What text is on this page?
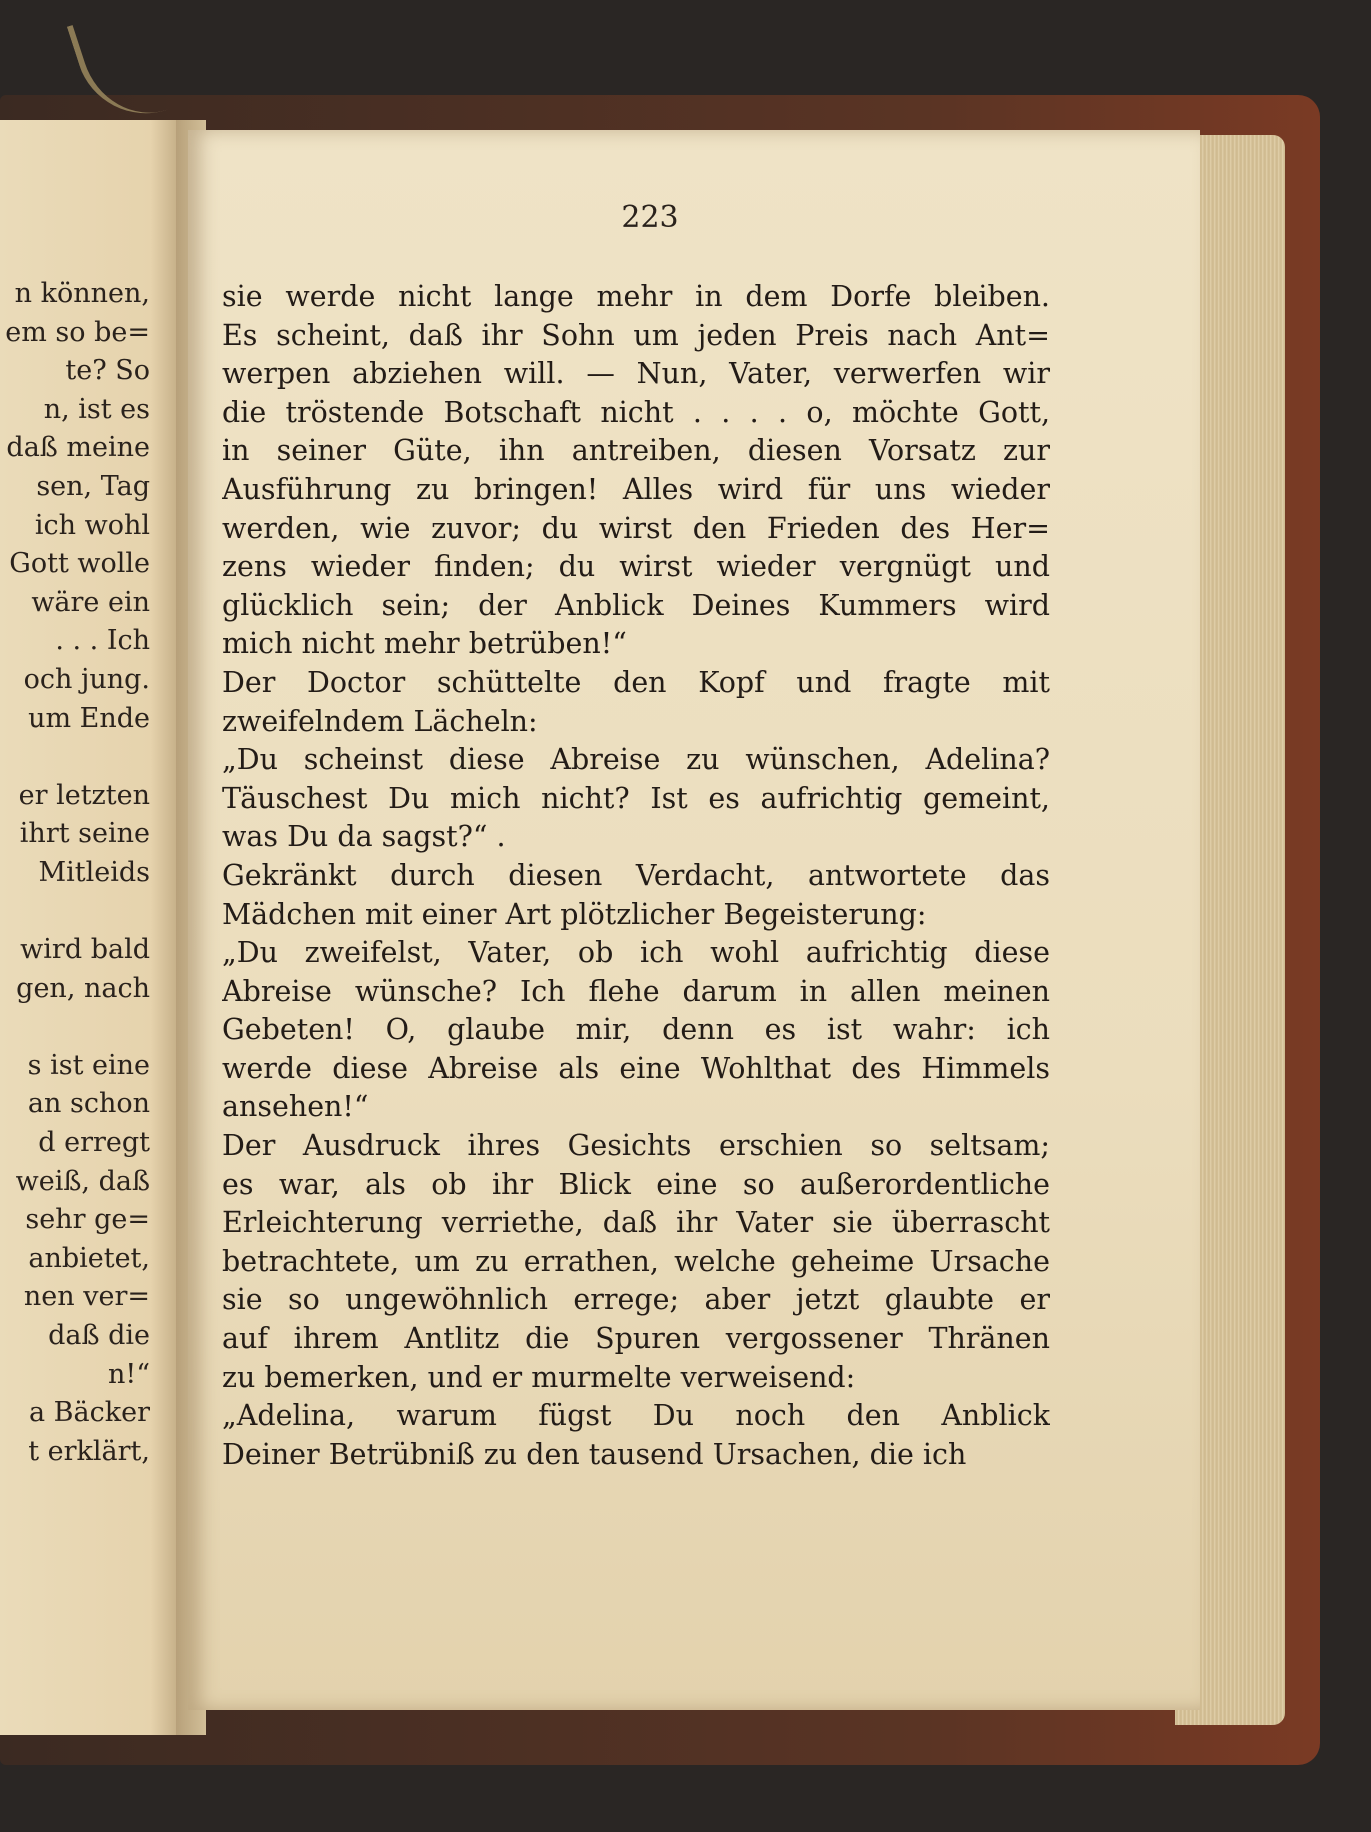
223
sie werde nicht lange mehr in dem Dorfe bleiben.
Es scheint, daß ihr Sohn um jeden Preis nach Ant=
werpen abziehen will. — Nun, Vater, verwerfen wir
die tröstende Botschaft nicht . . . . o, möchte Gott,
in seiner Güte, ihn antreiben, diesen Vorsatz zur
Ausführung zu bringen! Alles wird für uns wieder
werden, wie zuvor; du wirst den Frieden des Her=
zens wieder finden; du wirst wieder vergnügt und
glücklich sein; der Anblick Deines Kummers wird
mich nicht mehr betrüben!“
Der Doctor schüttelte den Kopf und fragte mit
zweifelndem Lächeln:
„Du scheinst diese Abreise zu wünschen, Adelina?
Täuschest Du mich nicht? Ist es aufrichtig gemeint,
was Du da sagst?“ .
Gekränkt durch diesen Verdacht, antwortete das
Mädchen mit einer Art plötzlicher Begeisterung:
„Du zweifelst, Vater, ob ich wohl aufrichtig diese
Abreise wünsche? Ich flehe darum in allen meinen
Gebeten! O, glaube mir, denn es ist wahr: ich
werde diese Abreise als eine Wohlthat des Himmels
ansehen!“
Der Ausdruck ihres Gesichts erschien so seltsam;
es war, als ob ihr Blick eine so außerordentliche
Erleichterung verriethe, daß ihr Vater sie überrascht
betrachtete, um zu errathen, welche geheime Ursache
sie so ungewöhnlich errege; aber jetzt glaubte er
auf ihrem Antlitz die Spuren vergossener Thränen
zu bemerken, und er murmelte verweisend:
„Adelina, warum fügst Du noch den Anblick
Deiner Betrübniß zu den tausend Ursachen, die ich
n können,
em so be=
te? So
n, ist es
daß meine
sen, Tag
ich wohl
Gott wolle
wäre ein
. . . Ich
och jung.
um Ende
er letzten
ihrt seine
Mitleids
wird bald
gen, nach
s ist eine
an schon
d erregt
weiß, daß
sehr ge=
anbietet,
nen ver=
daß die
n!“
a Bäcker
t erklärt,
